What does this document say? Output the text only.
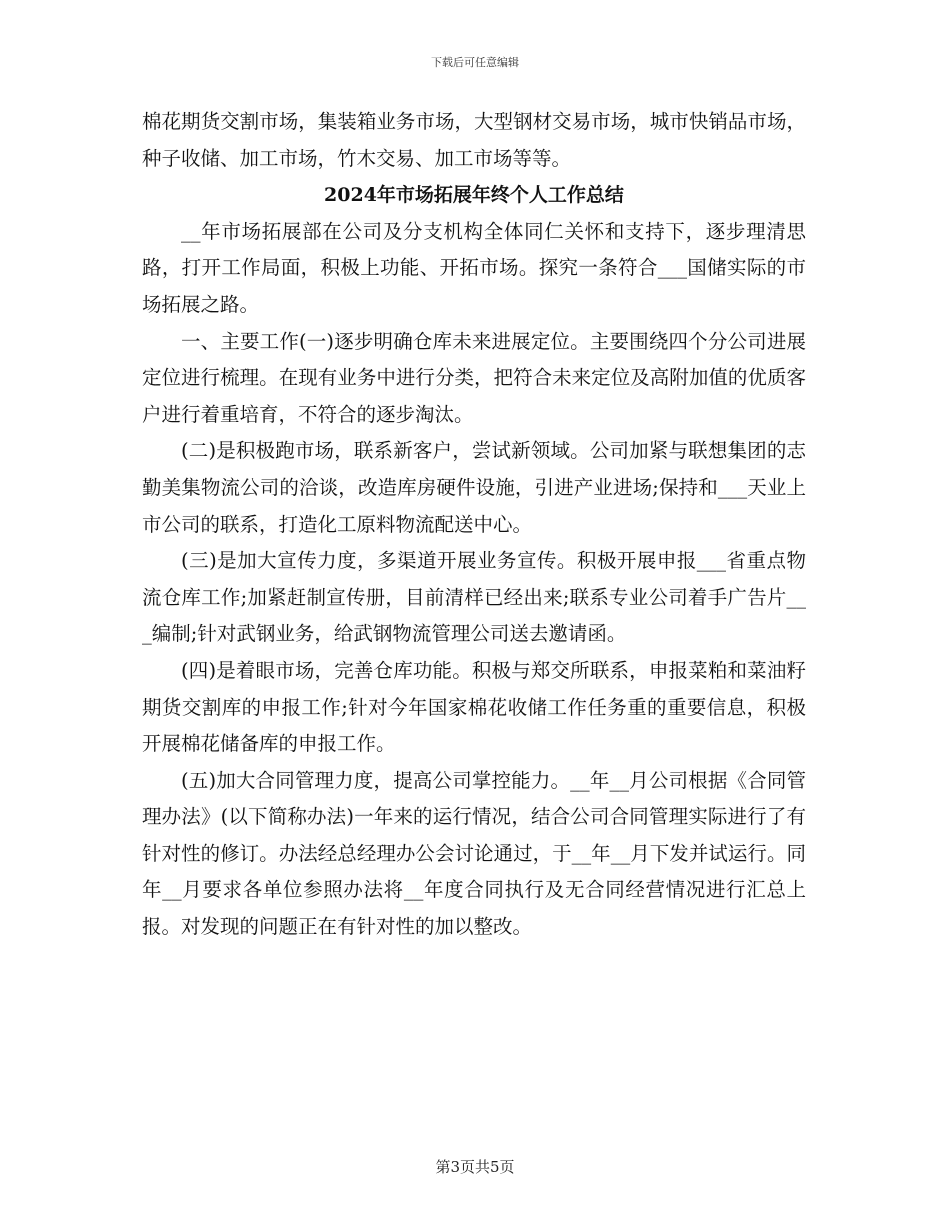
下载后可任意编辑

棉花期货交割市场，集装箱业务市场，大型钢材交易市场，城市快销品市场，种子收储、加工市场，竹木交易、加工市场等等。

2024年市场拓展年终个人工作总结

__年市场拓展部在公司及分支机构全体同仁关怀和支持下，逐步理清思路，打开工作局面，积极上功能、开拓市场。探究一条符合___国储实际的市场拓展之路。

一、主要工作(一)逐步明确仓库未来进展定位。主要围绕四个分公司进展定位进行梳理。在现有业务中进行分类，把符合未来定位及高附加值的优质客户进行着重培育，不符合的逐步淘汰。

(二)是积极跑市场，联系新客户，尝试新领域。公司加紧与联想集团的志勤美集物流公司的洽谈，改造库房硬件设施，引进产业进场;保持和___天业上市公司的联系，打造化工原料物流配送中心。

(三)是加大宣传力度，多渠道开展业务宣传。积极开展申报___省重点物流仓库工作;加紧赶制宣传册，目前清样已经出来;联系专业公司着手广告片___编制;针对武钢业务，给武钢物流管理公司送去邀请函。

(四)是着眼市场，完善仓库功能。积极与郑交所联系，申报菜粕和菜油籽期货交割库的申报工作;针对今年国家棉花收储工作任务重的重要信息，积极开展棉花储备库的申报工作。

(五)加大合同管理力度，提高公司掌控能力。__年__月公司根据《合同管理办法》(以下简称办法)一年来的运行情况，结合公司合同管理实际进行了有针对性的修订。办法经总经理办公会讨论通过，于__年__月下发并试运行。同年__月要求各单位参照办法将__年度合同执行及无合同经营情况进行汇总上报。对发现的问题正在有针对性的加以整改。

第3页共5页
